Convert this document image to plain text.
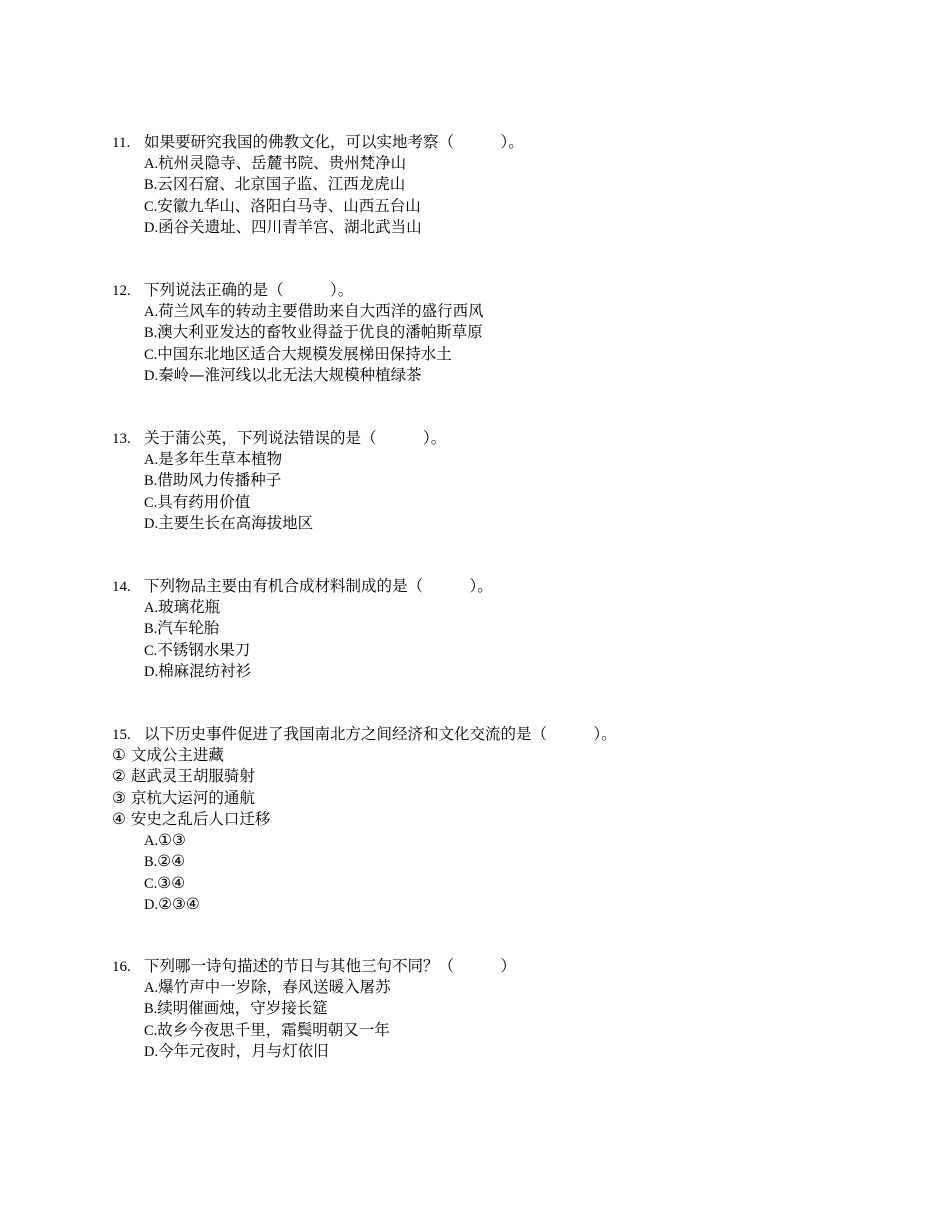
11. 如果要研究我国的佛教文化，可以实地考察（　　　）。
A.杭州灵隐寺、岳麓书院、贵州梵净山
B.云冈石窟、北京国子监、江西龙虎山
C.安徽九华山、洛阳白马寺、山西五台山
D.函谷关遗址、四川青羊宫、湖北武当山
12. 下列说法正确的是（　　　）。
A.荷兰风车的转动主要借助来自大西洋的盛行西风
B.澳大利亚发达的畜牧业得益于优良的潘帕斯草原
C.中国东北地区适合大规模发展梯田保持水土
D.秦岭—淮河线以北无法大规模种植绿茶
13. 关于蒲公英，下列说法错误的是（　　　）。
A.是多年生草本植物
B.借助风力传播种子
C.具有药用价值
D.主要生长在高海拔地区
14. 下列物品主要由有机合成材料制成的是（　　　）。
A.玻璃花瓶
B.汽车轮胎
C.不锈钢水果刀
D.棉麻混纺衬衫
15. 以下历史事件促进了我国南北方之间经济和文化交流的是（　　　）。
① 文成公主进藏
② 赵武灵王胡服骑射
③ 京杭大运河的通航
④ 安史之乱后人口迁移
A.①③
B.②④
C.③④
D.②③④
16. 下列哪一诗句描述的节日与其他三句不同？（　　　）
A.爆竹声中一岁除，春风送暖入屠苏
B.续明催画烛，守岁接长筵
C.故乡今夜思千里，霜鬓明朝又一年
D.今年元夜时，月与灯依旧
